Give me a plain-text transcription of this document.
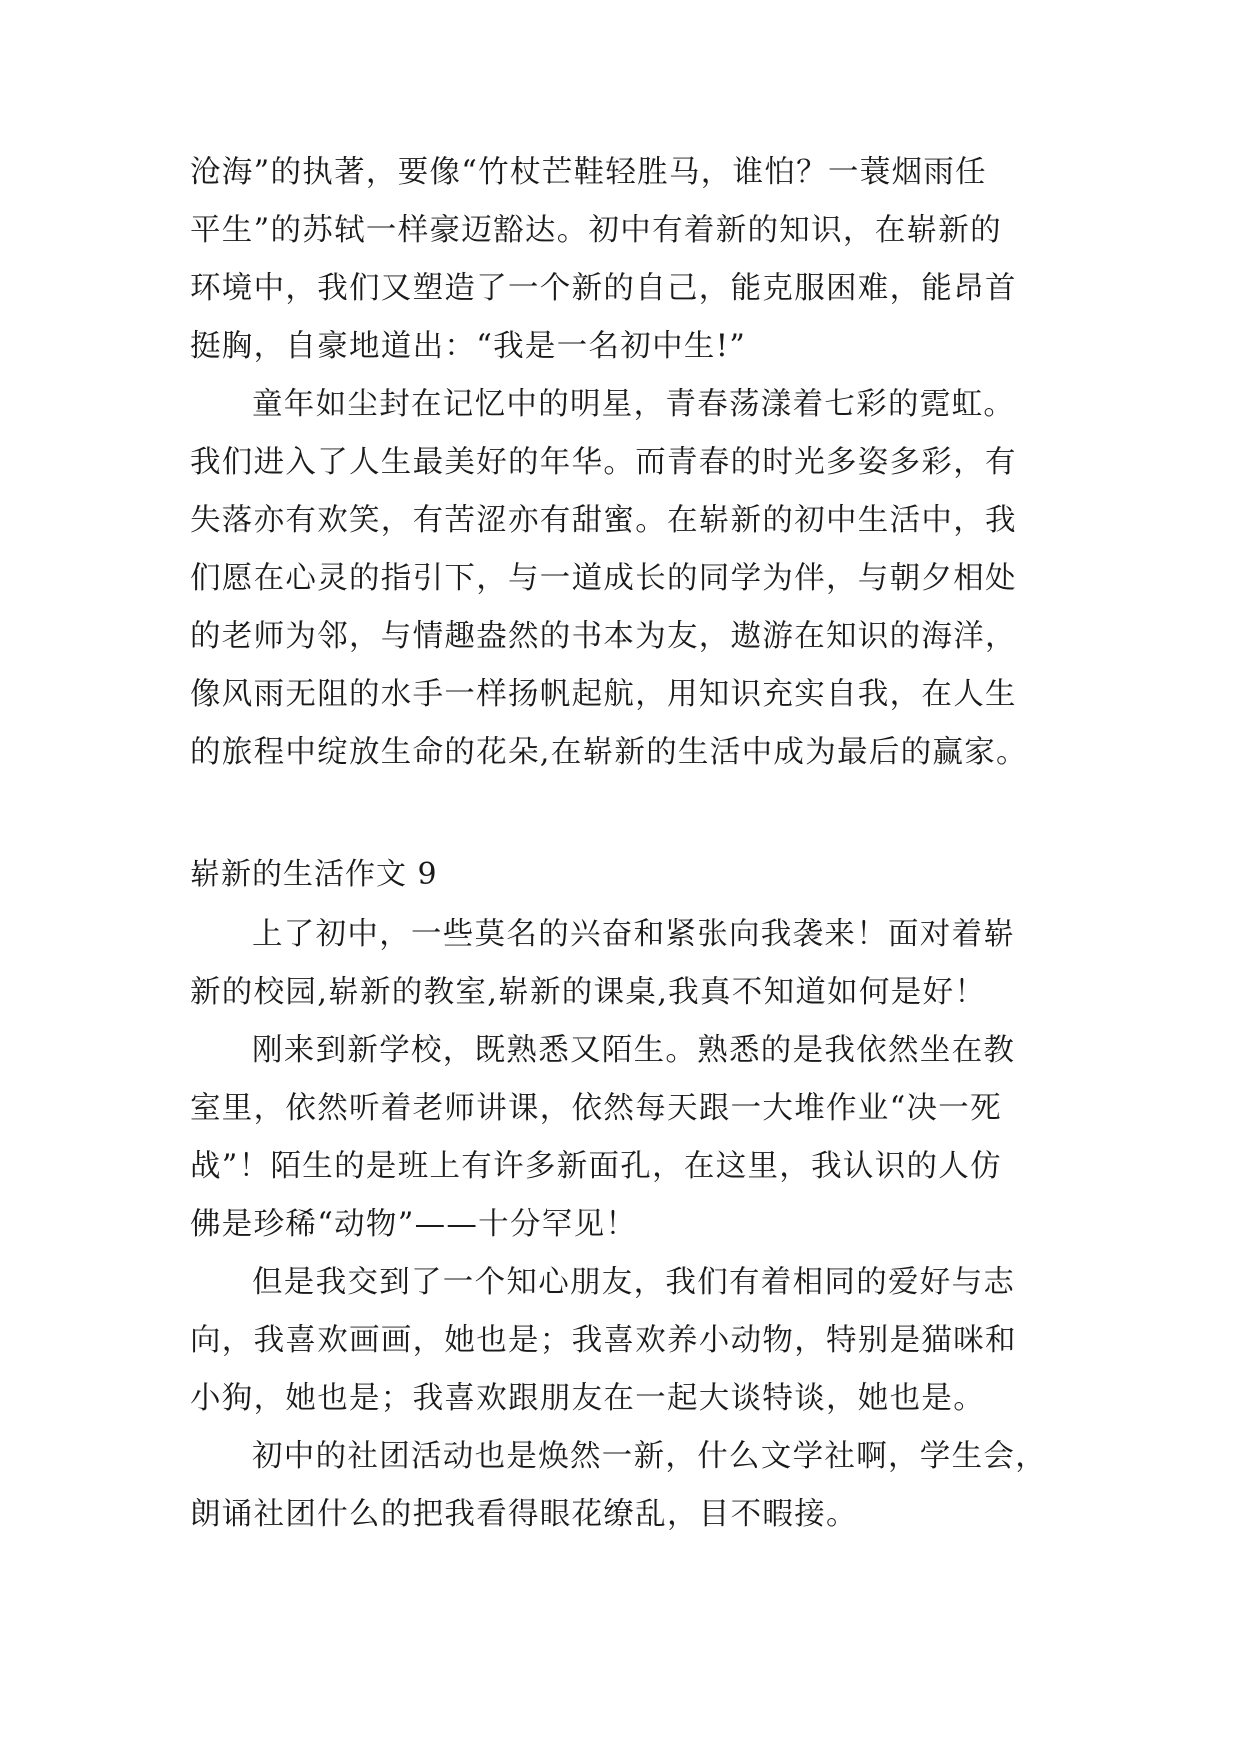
沧海”的执著，要像“竹杖芒鞋轻胜马，谁怕？一蓑烟雨任
平生”的苏轼一样豪迈豁达。初中有着新的知识，在崭新的
环境中，我们又塑造了一个新的自己，能克服困难，能昂首
挺胸，自豪地道出：“我是一名初中生!”
童年如尘封在记忆中的明星，青春荡漾着七彩的霓虹。
我们进入了人生最美好的年华。而青春的时光多姿多彩，有
失落亦有欢笑，有苦涩亦有甜蜜。在崭新的初中生活中，我
们愿在心灵的指引下，与一道成长的同学为伴，与朝夕相处
的老师为邻，与情趣盎然的书本为友，遨游在知识的海洋，
像风雨无阻的水手一样扬帆起航，用知识充实自我，在人生
的旅程中绽放生命的花朵,在崭新的生活中成为最后的赢家。
崭新的生活作文 9
上了初中，一些莫名的兴奋和紧张向我袭来！面对着崭
新的校园,崭新的教室,崭新的课桌,我真不知道如何是好！
刚来到新学校，既熟悉又陌生。熟悉的是我依然坐在教
室里，依然听着老师讲课，依然每天跟一大堆作业“决一死
战”！陌生的是班上有许多新面孔，在这里，我认识的人仿
佛是珍稀“动物”——十分罕见！
但是我交到了一个知心朋友，我们有着相同的爱好与志
向，我喜欢画画，她也是；我喜欢养小动物，特别是猫咪和
小狗，她也是；我喜欢跟朋友在一起大谈特谈，她也是。
初中的社团活动也是焕然一新，什么文学社啊，学生会，
朗诵社团什么的把我看得眼花缭乱，目不暇接。
